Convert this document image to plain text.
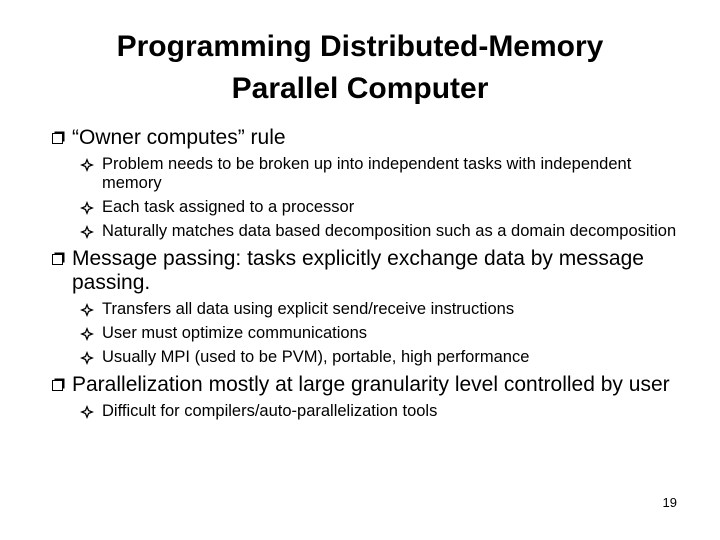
Programming Distributed-Memory
Parallel Computer
“Owner computes” rule
Problem needs to be broken up into independent tasks with independent memory
Each task assigned to a processor
Naturally matches data based decomposition such as a domain decomposition
Message passing: tasks explicitly exchange data by message passing.
Transfers all data using explicit send/receive instructions
User must optimize communications
Usually MPI (used to be PVM), portable, high performance
Parallelization mostly at large granularity level controlled by user
Difficult for compilers/auto-parallelization tools
19
